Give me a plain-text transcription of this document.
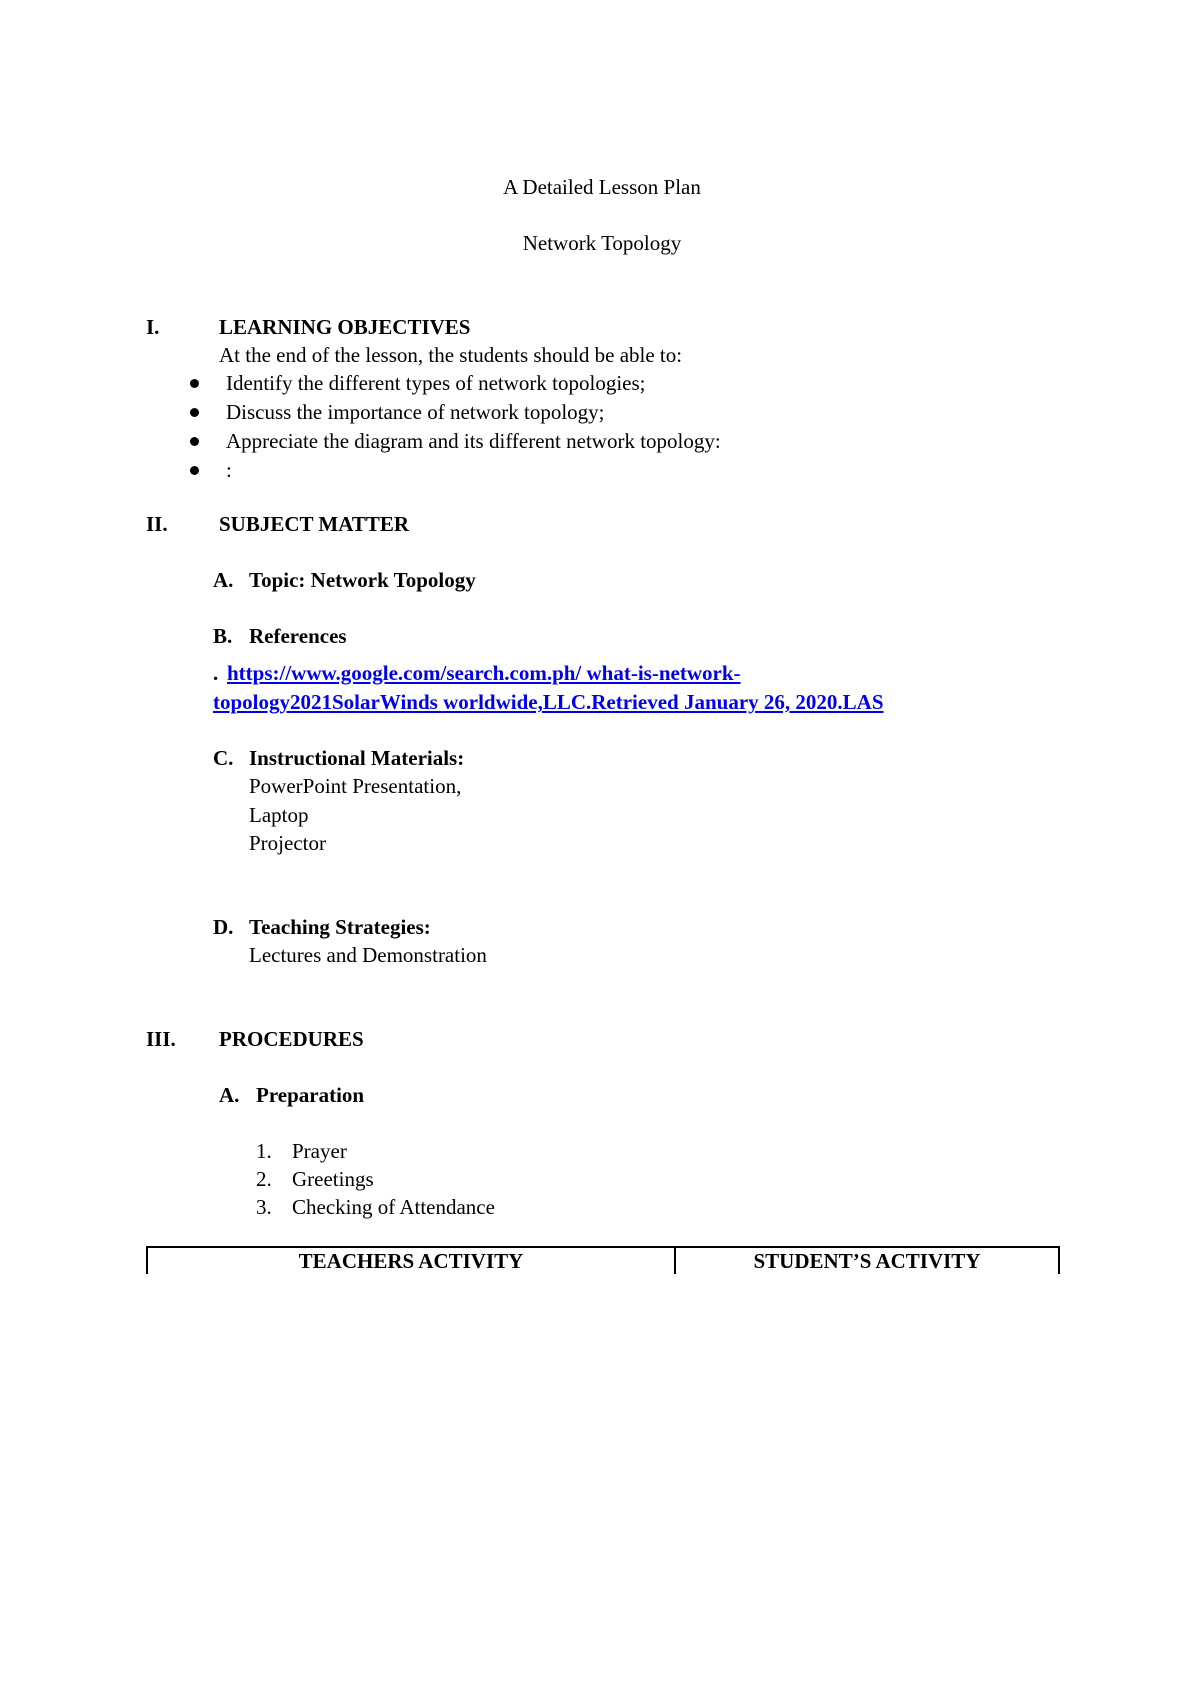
A Detailed Lesson Plan
Network Topology
I.	LEARNING OBJECTIVES
At the end of the lesson, the students should be able to:
Identify the different types of network topologies;
Discuss the importance of network topology;
Appreciate the diagram and its different network topology:
:
II. SUBJECT MATTER
A. Topic: Network Topology
B. References
. https://www.google.com/search.com.ph/ what-is-network-
topology2021SolarWinds worldwide,LLC.Retrieved January 26, 2020.LAS
C. Instructional Materials:
PowerPoint Presentation,
Laptop
Projector
D. Teaching Strategies:
Lectures and Demonstration
III. PROCEDURES
A. Preparation
1. Prayer
2. Greetings
3. Checking of Attendance
TEACHERS ACTIVITY	STUDENT’S ACTIVITY
